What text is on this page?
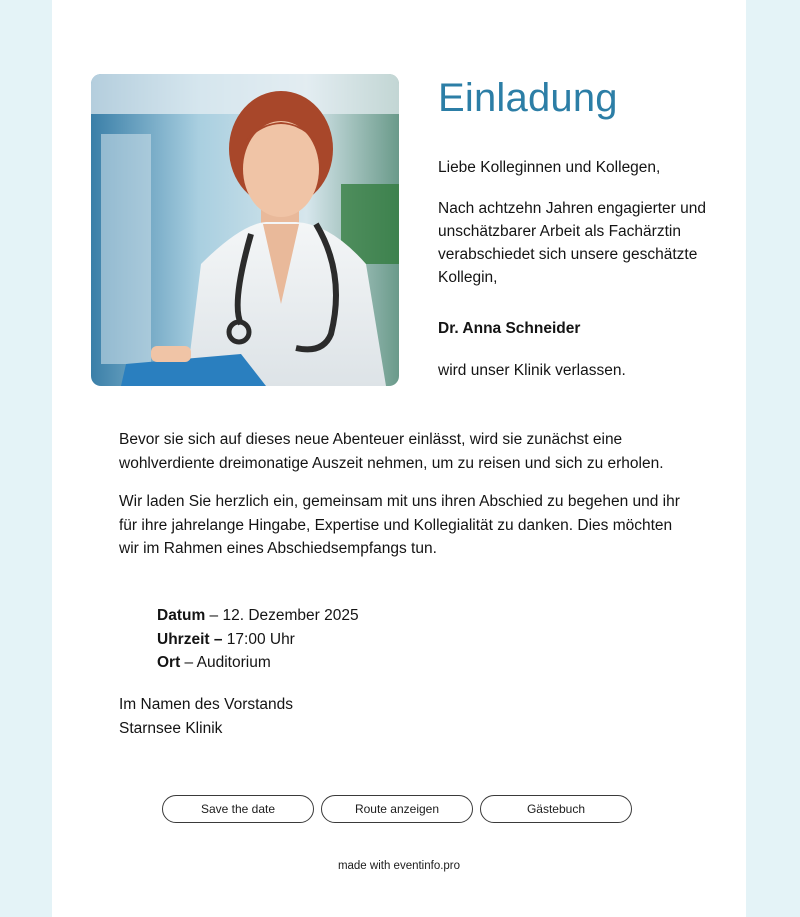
Einladung

Liebe Kolleginnen und Kollegen,

Nach achtzehn Jahren engagierter und unschätzbarer Arbeit als Fachärztin verabschiedet sich unsere geschätzte Kollegin,

Dr. Anna Schneider

wird unser Klinik verlassen.

Bevor sie sich auf dieses neue Abenteuer einlässt, wird sie zunächst eine wohlverdiente dreimonatige Auszeit nehmen, um zu reisen und sich zu erholen.

Wir laden Sie herzlich ein, gemeinsam mit uns ihren Abschied zu begehen und ihr für ihre jahrelange Hingabe, Expertise und Kollegialität zu danken. Dies möchten wir im Rahmen eines Abschiedsempfangs tun.

Datum – 12. Dezember 2025
Uhrzeit – 17:00 Uhr
Ort – Auditorium
Im Namen des Vorstands
Starnsee Klinik
Save the date	Route anzeigen	Gästebuch
made with eventinfo.pro
